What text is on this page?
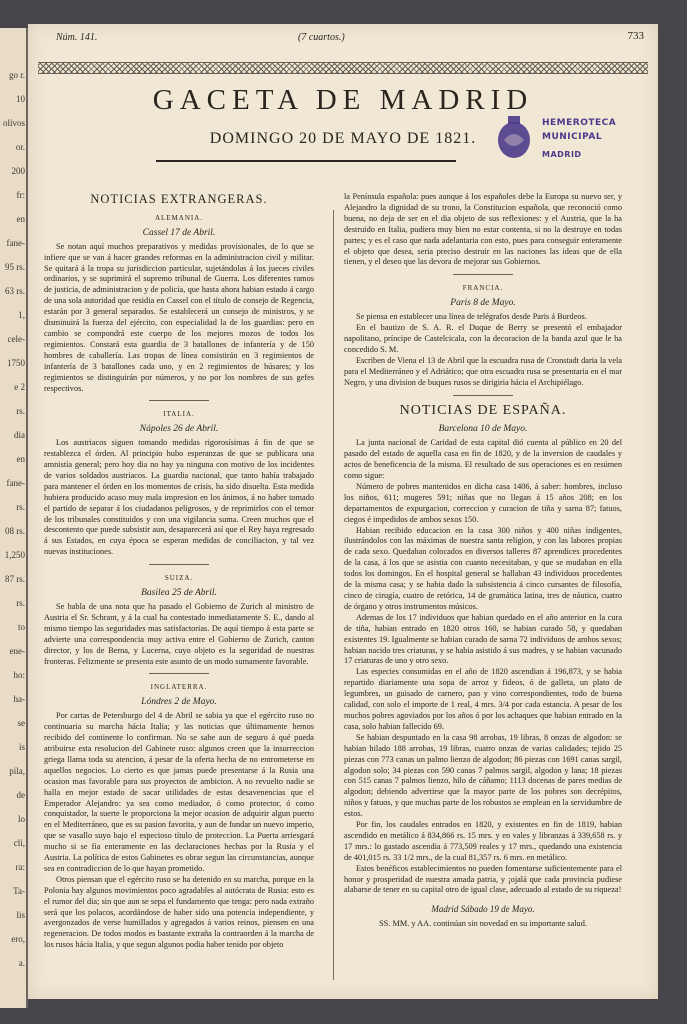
go r.
10
olivos
or.
200
fr:
en
fane-
95 rs.
63 rs.
1,
cele-
1750
e 2
rs.
dia
en
fane-
rs.
08 rs.
1,250
87 rs.
rs.
to
ene-
ho:
ha-
se
is
pila,
de
lo
cli,
ra:
Ta-
lis
ero,
a.
Núm. 141.	(7 cuartos.)	733
GACETA DE MADRID
DOMINGO 20 DE MAYO DE 1821.
HEMEROTECA
MUNICIPAL
MADRID
NOTICIAS EXTRANGERAS.
ALEMANIA.
Cassel 17 de Abril.

Se notan aquí muchos preparativos y medidas provisionales, de lo que se infiere que se van á hacer grandes reformas en la administracion civil y militar. Se quitará á la tropa su jurisdiccion particular, sujetándolas á los jueces civiles ordinarios, y se suprimirá el supremo tribunal de Guerra. Los diferentes ramos de justicia, de administracion y de policía, que hasta ahora habian estado á cargo de una sola autoridad que residia en Cassel con el título de consejo de Regencia, estarán por 3 general separados. Se establecerá un consejo de ministros, y se disminuirá la fuerza del ejército, con especialidad la de los guardias: pero en cambio se compondrá este cuerpo de los mejores mozos de todos los regimientos. Constará esta guardia de 3 batallones de infantería y de 150 hombres de caballería. Las tropas de línea consistirán en 3 regimientos de infantería de 3 batallones cada uno, y en 2 regimientos de húsares; y los regimientos se distinguirán por números, y no por los nombres de sus gefes respectivos.

ITALIA.
Nápoles 26 de Abril.

Los austriacos siguen tomando medidas rigorosísimas á fin de que se restablezca el órden. Al principio hubo esperanzas de que se publicara una amnistía general; pero hoy dia no hay ya ninguna con motivo de los incidentes de varios soldados austriacos. La guardia nacional, que tanto había trabajado para mantener el órden en los momentos de crisis, ha sido disuelta. Esta medida hubiera producido acaso muy mala impresion en los ánimos, á no haber tomado el partido de separar á los ciudadanos peligrosos, y de reprimirlos con el temor de los tribunales constituidos y con una vigilancia suma. Creen muchos que el descontento que puede subsistir aun, desaparecerá así que el Rey haya regresado á sus Estados, en cuya época se esperan medidas de conciliacion, y tal vez nuevas instituciones.

SUIZA.
Basilea 25 de Abril.

Se habla de una nota que ha pasado el Gobierno de Zurich al ministro de Austria el Sr. Schrant, y á la cual ha contestado inmediatamente S. E., dando al mismo tiempo las seguridades mas satisfactorias. De aquí tiempo á esta parte se advierte una correspondencia muy activa entre el Gobierno de Zurich, canton director, y los de Berna, y Lucerna, cuyo objeto es la seguridad de nuestras fronteras. Felizmente se presenta este asunto de un modo sumamente favorable.

INGLATERRA.
Lóndres 2 de Mayo.

Por cartas de Petersburgo del 4 de Abril se sabia ya que el egército ruso no continuaria su marcha hácia Italia; y las noticias que últimamente hemos recibido del continente lo confirman. No se sabe aun de seguro á qué pueda atribuirse esta resolucion del Gabinete ruso: algunos creen que la insurreccion griega llama toda su atencion, á pesar de la oferta hecha de no entrometerse en aquellos negocios. Lo cierto es que jamas puede presentarse á la Rusia una ocasion mas favorable para sus proyectos de ambicion. A no revuelto nadie se halla en mejor estado de sacar utilidades de estas desavenencias que el Emperador Alejandro: ya sea como mediador, ó como protector, ó como conquistador, la suerte le proporciona la mejor ocasion de adquirir algun puerto en el Mediterráneo, que es su pasion favorita, y aun de fundar un nuevo imperio, que se vasallo suyo bajo el especioso título de proteccion. La Puerta arriesgará mucho si se fia enteramente en las declaraciones hechas por la Rusia y el Austria. La política de estos Gabinetes es obrar segun las circunstancias, aunque sea en contradiccion de lo que hayan prometido.

Otros piensan que el egército ruso se ha detenido en su marcha, porque en la Polonia hay algunos movimientos poco agradables al autócrata de Rusia: esto es el rumor del dia; sin que aun se sepa el fundamento que tenga: pero nada extraño será que los polacos, acordándose de haber sido una potencia independiente, y avergonzados de verse humillados y agregados á varios reinos, piensen en una regeneracion. De todos modos es bastante extraña la contraorden á la marcha de los rusos hácia Italia, y que segun algunos podia haber tenido por objeto

la Península española: pues aunque á los españoles debe la Europa su nuevo ser, y Alejandro la dignidad de su trono, la Constitucion española, que reconoció como buena, no deja de ser en el dia objeto de sus reflexiones: y el Austria, que la ha destruido en Italia, pudiera muy bien no estar contenta, si no la destruye en todas partes; y es el caso que nada adelantaria con esto, pues para conseguir enteramente el objeto que desea, seria preciso destruir en las naciones las ideas que de ella tienen, y el deseo que las devora de mejorar sus Gobiernos.

FRANCIA.
Paris 8 de Mayo.

Se piensa en establecer una línea de telégrafos desde Paris á Burdeos.

En el bautizo de S. A. R. el Duque de Berry se presentó el embajador napolitano, príncipe de Castelcicala, con la decoracion de la banda azul que le ha concedido S. M.

Escriben de Viena el 13 de Abril que la escuadra rusa de Cronstadt daria la vela para el Mediterráneo y el Adriático; que otra escuadra rusa se presentaria en el mar Negro, y una division de buques rusos se dirigiria hácia el Archipiélago.

NOTICIAS DE ESPAÑA.
Barcelona 10 de Mayo.

La junta nacional de Caridad de esta capital dió cuenta al público en 20 del pasado del estado de aquella casa en fin de 1820, y de la inversion de caudales y actos de beneficencia de la misma. El resultado de sus operaciones es en resúmen como sigue:

Número de pobres mantenidos en dicha casa 1406, á saber: hombres, incluso los niños, 611; mugeres 591; niñas que no llegan á 15 años 208; en los departamentos de expurgacion, correccion y curacion de tiña y sarna 87; fatuos, ciegos é impedidos de ambos sexos 150.

Habian recibido educacion en la casa 300 niños y 400 niñas indigentes, ilustrándolos con las máximas de nuestra santa religion, y con las labores propias de cada sexo. Quedaban colocados en diversos talleres 87 aprendices procedentes de la casa, á los que se asistia con cuanto necesitaban, y que se mudaban en ella todos los domingos. En el hospital general se hallaban 43 individuos procedentes de la misma casa; y se habia dado la subsistencia á cinco cursantes de filosofía, cinco de cirugía, cuatro de retórica, 14 de gramática latina, tres de náutica, cuatro de órgano y otros instrumentos músicos.

Ademas de los 17 individuos que habian quedado en el año anterior en la cura de tiña, habian entrado en 1820 otros 160, se habian curado 58, y quedaban existentes 19. Igualmente se habian curado de sarna 72 individuos de ambos sexos; habian nacido tres criaturas, y se habia asistido á sus madres, y se habian vacunado 17 criaturas de uno y otro sexo.

Las especies consumidas en el año de 1820 ascendian á 196,873, y se habia repartido diariamente una sopa de arroz y fideos, ó de galleta, un plato de legumbres, un guisado de carnero, pan y vino correspondientes, todo de buena calidad, con solo el importe de 1 real, 4 mrs. 3/4 por cada estancia. A pesar de los muchos pobres agoviados por los años ó por los achaques que habian entrado en la casa, solo habian fallecido 69.

Se habian despuntado en la casa 98 arrobas, 19 libras, 8 onzas de algodon: se habian hilado 188 arrobas, 19 libras, cuatro onzas de varias calidades; tejido 25 piezas con 773 canas un palmo lienzo de algodon; 86 piezas con 1691 canas sargil, algodon solo; 34 piezas con 590 canas 7 palmos sargil, algodon y lana; 18 piezas con 515 canas 7 palmos lienzo, hilo de cáñamo; 1113 docenas de pares medias de algodon; debiendo advertirse que la mayor parte de los pobres son decrépitos, niños y fatuos, y que muchas parte de los robustos se emplean en la servidumbre de estos.

Por fin, los caudales entrados en 1820, y existentes en fin de 1819, habian ascendido en metálico á 834,866 rs. 15 mrs. y en vales y libranzas á 339,658 rs. y 17 mrs.: lo gastado ascendia á 773,509 reales y 17 mrs., quedando una existencia de 401,015 rs. 33 1/2 mrs., de la cual 81,357 rs. 6 mrs. en metálico.

Estos benéficos establecimientos no pueden fomentarse suficientemente para el honor y prosperidad de nuestra amada patria, y ¡ojalá que cada provincia pudiese alabarse de tener en su capital otro de igual clase, adecuado al estado de su riqueza!

Madrid Sábado 19 de Mayo.

SS. MM. y AA. continúan sin novedad en su importante salud.
